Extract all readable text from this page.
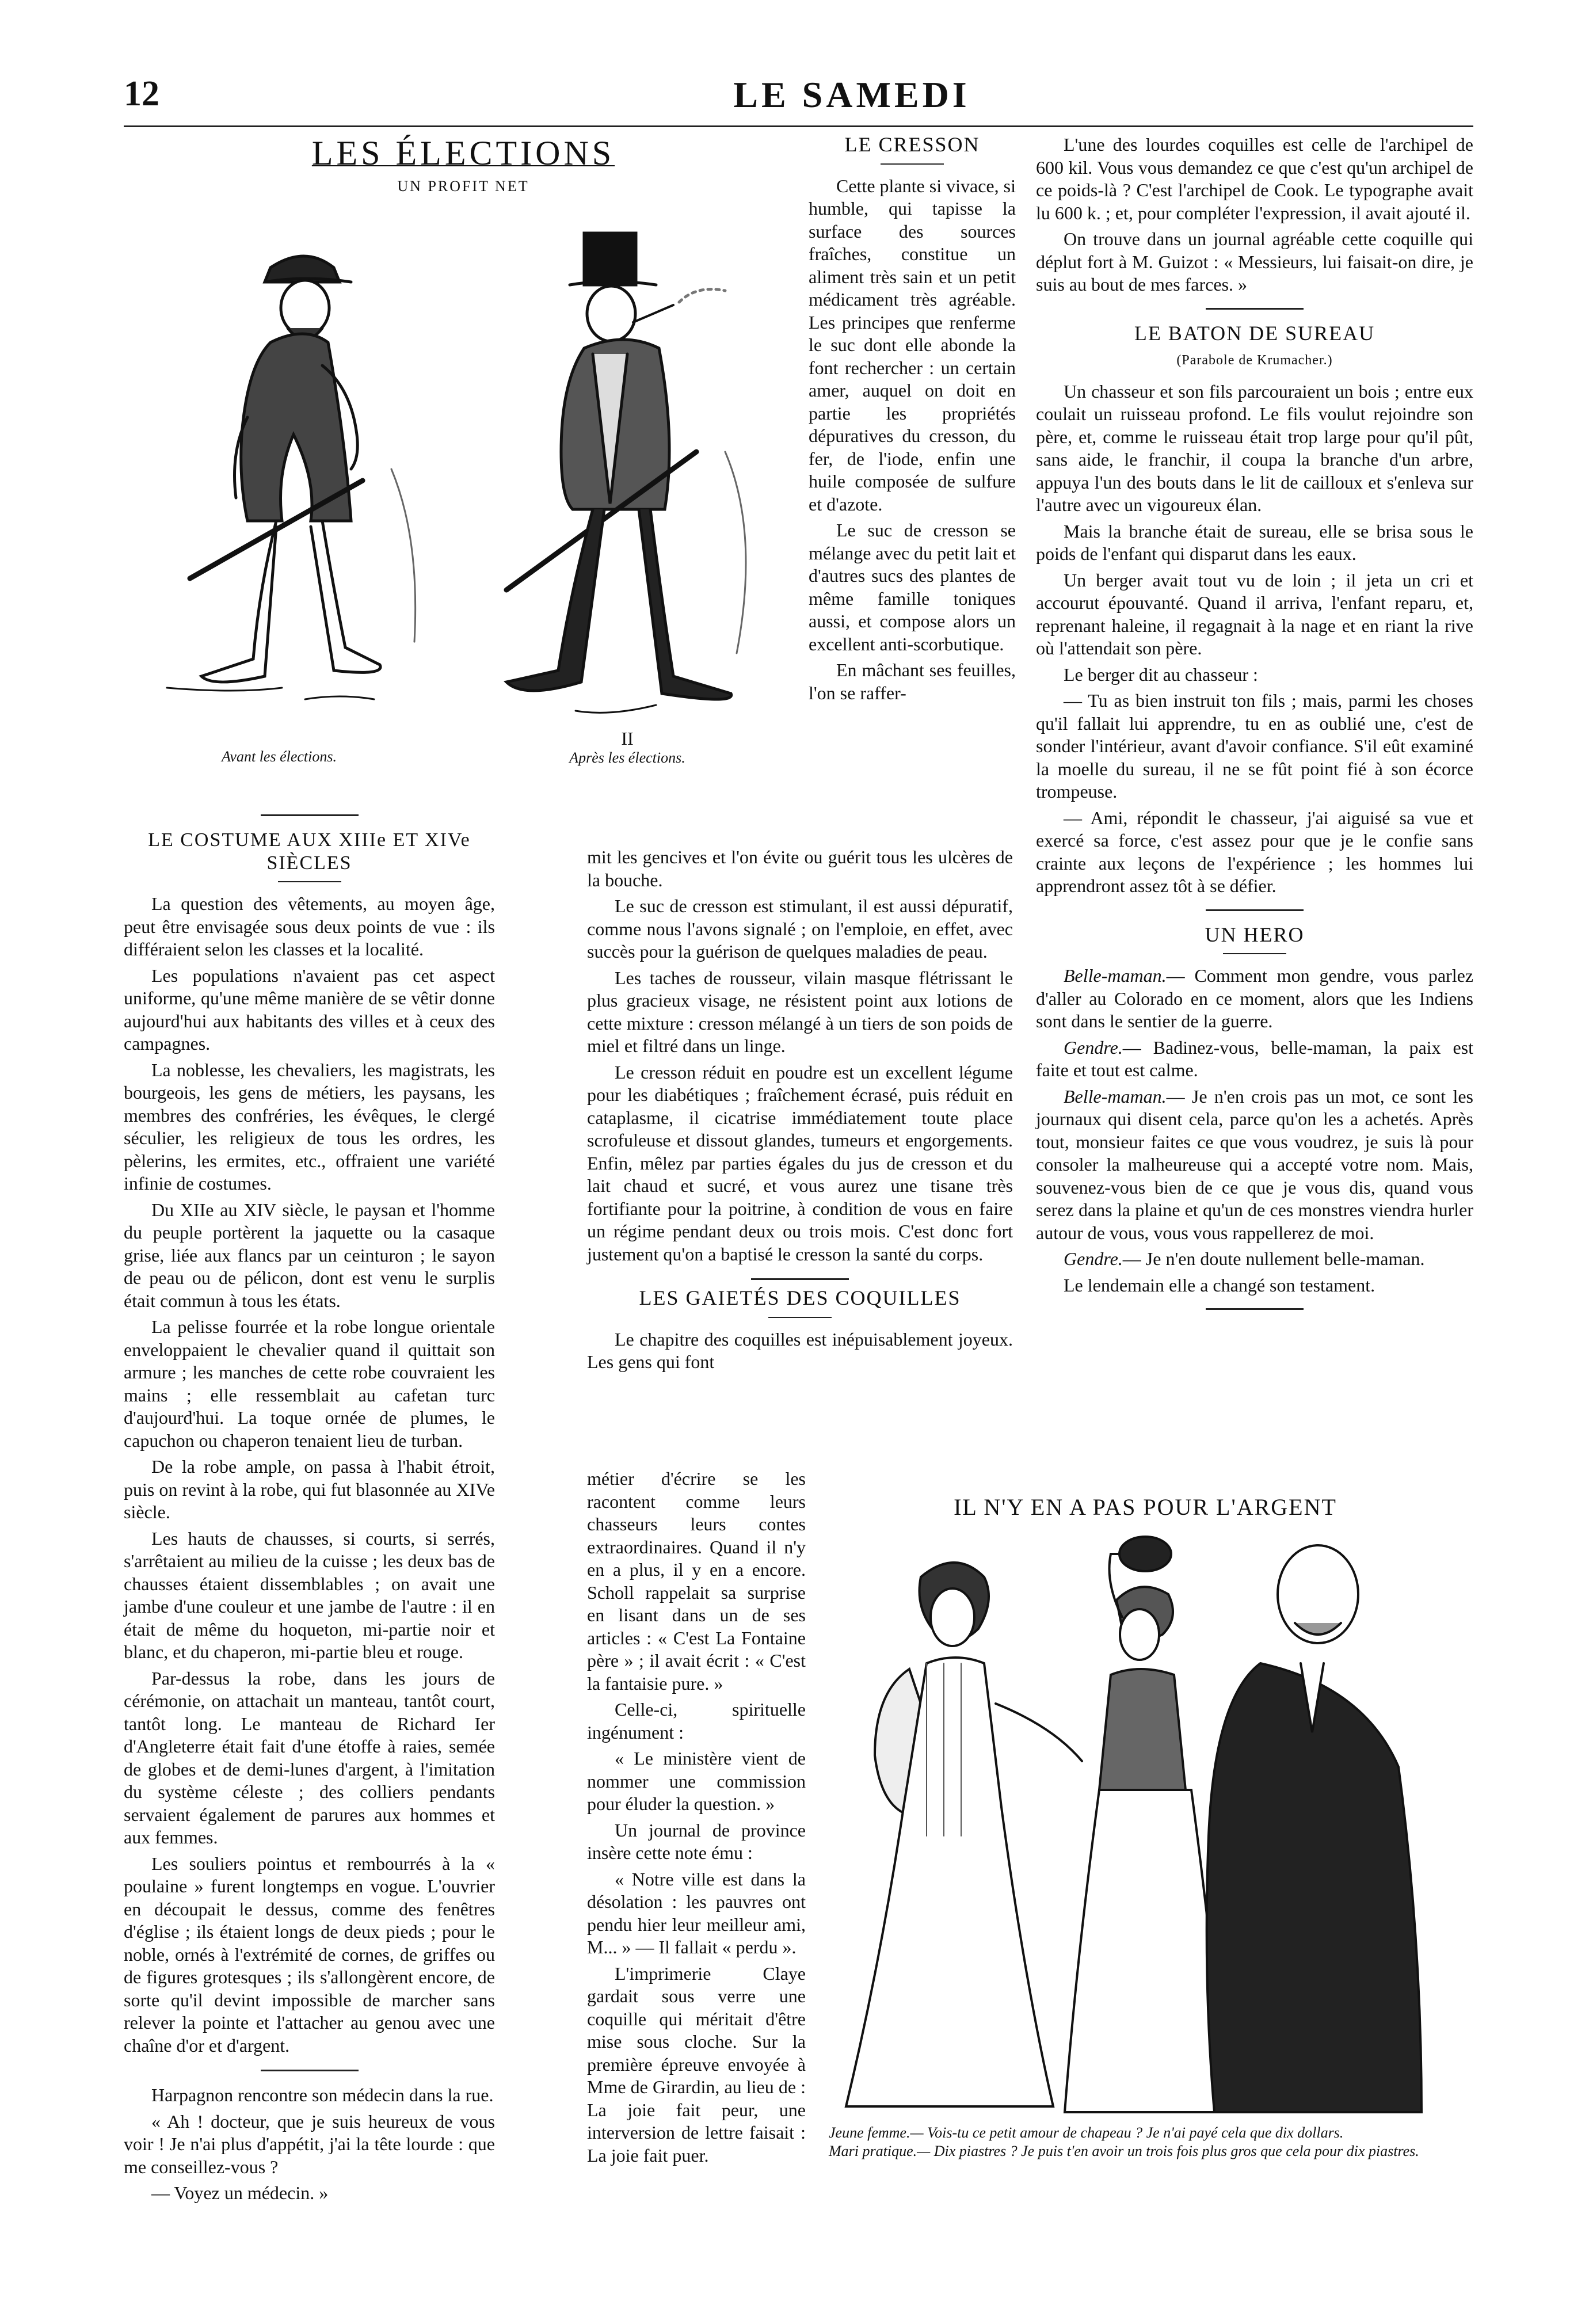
12	LE SAMEDI
LES ÉLECTIONS
UN PROFIT NET
Avant les élections.
II
Après les élections.
LE COSTUME AUX XIIIe ET XIVe SIÈCLES

La question des vêtements, au moyen âge, peut être envisagée sous deux points de vue : ils différaient selon les classes et la localité.

Les populations n'avaient pas cet aspect uniforme, qu'une même manière de se vêtir donne aujourd'hui aux habitants des villes et à ceux des campagnes.

La noblesse, les chevaliers, les magistrats, les bourgeois, les gens de métiers, les paysans, les membres des confréries, les évêques, le clergé séculier, les religieux de tous les ordres, les pèlerins, les ermites, etc., offraient une variété infinie de costumes.

Du XIIe au XIV siècle, le paysan et l'homme du peuple portèrent la jaquette ou la casaque grise, liée aux flancs par un ceinturon ; le sayon de peau ou de pélicon, dont est venu le surplis était commun à tous les états.

La pelisse fourrée et la robe longue orientale enveloppaient le chevalier quand il quittait son armure ; les manches de cette robe couvraient les mains ; elle ressemblait au cafetan turc d'aujourd'hui. La toque ornée de plumes, le capuchon ou chaperon tenaient lieu de turban.

De la robe ample, on passa à l'habit étroit, puis on revint à la robe, qui fut blasonnée au XIVe siècle.

Les hauts de chausses, si courts, si serrés, s'arrêtaient au milieu de la cuisse ; les deux bas de chausses étaient dissemblables ; on avait une jambe d'une couleur et une jambe de l'autre : il en était de même du hoqueton, mi-partie noir et blanc, et du chaperon, mi-partie bleu et rouge.

Par-dessus la robe, dans les jours de cérémonie, on attachait un manteau, tantôt court, tantôt long. Le manteau de Richard Ier d'Angleterre était fait d'une étoffe à raies, semée de globes et de demi-lunes d'argent, à l'imitation du système céleste ; des colliers pendants servaient également de parures aux hommes et aux femmes.

Les souliers pointus et rembourrés à la « poulaine » furent longtemps en vogue. L'ouvrier en découpait le dessus, comme des fenêtres d'église ; ils étaient longs de deux pieds ; pour le noble, ornés à l'extrémité de cornes, de griffes ou de figures grotesques ; ils s'allongèrent encore, de sorte qu'il devint impossible de marcher sans relever la pointe et l'attacher au genou avec une chaîne d'or et d'argent.

Harpagnon rencontre son médecin dans la rue.

« Ah ! docteur, que je suis heureux de vous voir ! Je n'ai plus d'appétit, j'ai la tête lourde : que me conseillez-vous ?

— Voyez un médecin. »

LE CRESSON

Cette plante si vivace, si humble, qui tapisse la surface des sources fraîches, constitue un aliment très sain et un petit médicament très agréable. Les principes que renferme le suc dont elle abonde la font rechercher : un certain amer, auquel on doit en partie les propriétés dépuratives du cresson, du fer, de l'iode, enfin une huile composée de sulfure et d'azote.

Le suc de cresson se mélange avec du petit lait et d'autres sucs des plantes de même famille toniques aussi, et compose alors un excellent anti-scorbutique.

En mâchant ses feuilles, l'on se raffer-

mit les gencives et l'on évite ou guérit tous les ulcères de la bouche.

Le suc de cresson est stimulant, il est aussi dépuratif, comme nous l'avons signalé ; on l'emploie, en effet, avec succès pour la guérison de quelques maladies de peau.

Les taches de rousseur, vilain masque flétrissant le plus gracieux visage, ne résistent point aux lotions de cette mixture : cresson mélangé à un tiers de son poids de miel et filtré dans un linge.

Le cresson réduit en poudre est un excellent légume pour les diabétiques ; fraîchement écrasé, puis réduit en cataplasme, il cicatrise immédiatement toute place scrofuleuse et dissout glandes, tumeurs et engorgements. Enfin, mêlez par parties égales du jus de cresson et du lait chaud et sucré, et vous aurez une tisane très fortifiante pour la poitrine, à condition de vous en faire un régime pendant deux ou trois mois. C'est donc fort justement qu'on a baptisé le cresson la santé du corps.

LES GAIETÉS DES COQUILLES

Le chapitre des coquilles est inépuisablement joyeux. Les gens qui font

métier d'écrire se les racontent comme leurs chasseurs leurs contes extraordinaires. Quand il n'y en a plus, il y en a encore. Scholl rappelait sa surprise en lisant dans un de ses articles : « C'est La Fontaine père » ; il avait écrit : « C'est la fantaisie pure. »

Celle-ci, spirituelle ingénument :

« Le ministère vient de nommer une commission pour éluder la question. »

Un journal de province insère cette note ému :

« Notre ville est dans la désolation : les pauvres ont pendu hier leur meilleur ami, M... » — Il fallait « perdu ».

L'imprimerie Claye gardait sous verre une coquille qui méritait d'être mise sous cloche. Sur la première épreuve envoyée à Mme de Girardin, au lieu de : La joie fait peur, une interversion de lettre faisait : La joie fait puer.

L'une des lourdes coquilles est celle de l'archipel de 600 kil. Vous vous demandez ce que c'est qu'un archipel de ce poids-là ? C'est l'archipel de Cook. Le typographe avait lu 600 k. ; et, pour compléter l'expression, il avait ajouté il.

On trouve dans un journal agréable cette coquille qui déplut fort à M. Guizot : « Messieurs, lui faisait-on dire, je suis au bout de mes farces. »

LE BATON DE SUREAU
(Parabole de Krumacher.)

Un chasseur et son fils parcouraient un bois ; entre eux coulait un ruisseau profond. Le fils voulut rejoindre son père, et, comme le ruisseau était trop large pour qu'il pût, sans aide, le franchir, il coupa la branche d'un arbre, appuya l'un des bouts dans le lit de cailloux et s'enleva sur l'autre avec un vigoureux élan.

Mais la branche était de sureau, elle se brisa sous le poids de l'enfant qui disparut dans les eaux.

Un berger avait tout vu de loin ; il jeta un cri et accourut épouvanté. Quand il arriva, l'enfant reparu, et, reprenant haleine, il regagnait à la nage et en riant la rive où l'attendait son père.

Le berger dit au chasseur :

— Tu as bien instruit ton fils ; mais, parmi les choses qu'il fallait lui apprendre, tu en as oublié une, c'est de sonder l'intérieur, avant d'avoir confiance. S'il eût examiné la moelle du sureau, il ne se fût point fié à son écorce trompeuse.

— Ami, répondit le chasseur, j'ai aiguisé sa vue et exercé sa force, c'est assez pour que je le confie sans crainte aux leçons de l'expérience ; les hommes lui apprendront assez tôt à se défier.

UN HERO

Belle-maman.— Comment mon gendre, vous parlez d'aller au Colorado en ce moment, alors que les Indiens sont dans le sentier de la guerre.

Gendre.— Badinez-vous, belle-maman, la paix est faite et tout est calme.

Belle-maman.— Je n'en crois pas un mot, ce sont les journaux qui disent cela, parce qu'on les a achetés. Après tout, monsieur faites ce que vous voudrez, je suis là pour consoler la malheureuse qui a accepté votre nom. Mais, souvenez-vous bien de ce que je vous dis, quand vous serez dans la plaine et qu'un de ces monstres viendra hurler autour de vous, vous vous rappellerez de moi.

Gendre.— Je n'en doute nullement belle-maman.

Le lendemain elle a changé son testament.

IL N'Y EN A PAS POUR L'ARGENT
Jeune femme.— Vois-tu ce petit amour de chapeau ? Je n'ai payé cela que dix dollars.
Mari pratique.— Dix piastres ? Je puis t'en avoir un trois fois plus gros que cela pour dix piastres.
